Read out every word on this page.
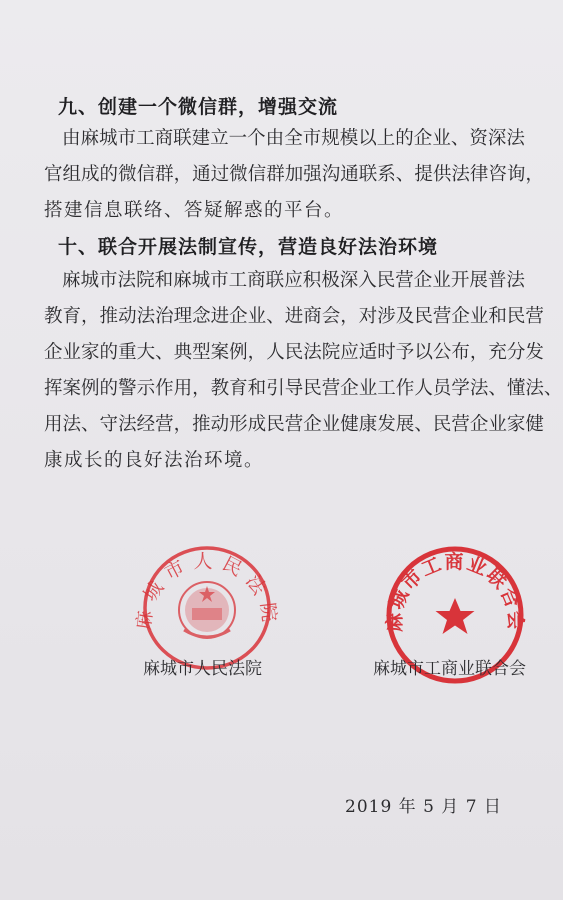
九、创建一个微信群，增强交流
由 麻 城 市 工 商 联 建 立 一 个 由 全 市 规 模 以 上 的 企 业 、 资 深 法
官 组 成 的 微 信 群 ， 通 过 微 信 群 加 强 沟 通 联 系 、 提 供 法 律 咨 询 ，
搭建信息联络、答疑解惑的平台。
十、联合开展法制宣传，营造良好法治环境
麻 城 市 法 院 和 麻 城 市 工 商 联 应 积 极 深 入 民 营 企 业 开 展 普 法
教 育 ， 推 动 法 治 理 念 进 企 业 、 进 商 会 ， 对 涉 及 民 营 企 业 和 民 营
企 业 家 的 重 大 、 典 型 案 例 ， 人 民 法 院 应 适 时 予 以 公 布 ， 充 分 发
挥 案 例 的 警 示 作 用 ， 教 育 和 引 导 民 营 企 业 工 作 人 员 学 法 、 懂 法 、
用 法 、 守 法 经 营 ， 推 动 形 成 民 营 企 业 健 康 发 展 、 民 营 企 业 家 健
康成长的良好法治环境。
麻城市人民法院	麻城市工商业联合会
麻城市人民法院	麻城市工商业联合会
2019 年 5 月 7 日
